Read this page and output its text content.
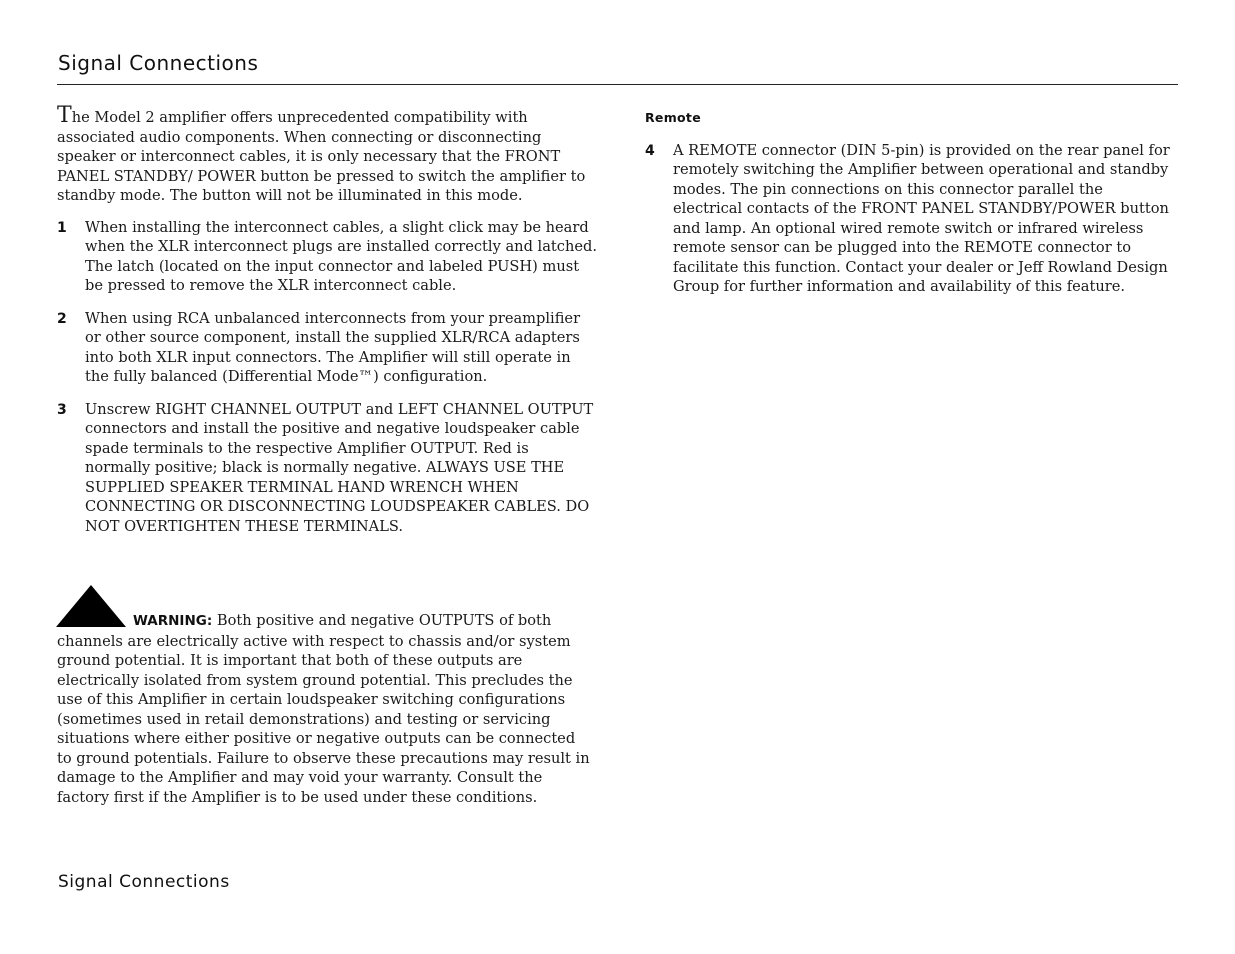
Signal Connections

The Model 2 amplifier offers unprecedented compatibility with associated audio components. When connecting or disconnecting speaker or interconnect cables, it is only necessary that the FRONT PANEL STANDBY/ POWER button be pressed to switch the amplifier to standby mode. The button will not be illuminated in this mode.

1	When installing the interconnect cables, a slight click may be heard when the XLR interconnect plugs are installed correctly and latched. The latch (located on the input connector and labeled PUSH) must be pressed to remove the XLR interconnect cable.
2	When using RCA unbalanced interconnects from your preamplifier or other source component, install the supplied XLR/RCA adapters into both XLR input connectors. The Amplifier will still operate in the fully balanced (Differential Mode™) configuration.
3	Unscrew RIGHT CHANNEL OUTPUT and LEFT CHANNEL OUTPUT connectors and install the positive and negative loudspeaker cable spade terminals to the respective Amplifier OUTPUT. Red is normally positive; black is normally negative. ALWAYS USE THE SUPPLIED SPEAKER TERMINAL HAND WRENCH WHEN CONNECTING OR DISCONNECTING LOUDSPEAKER CABLES. DO NOT OVERTIGHTEN THESE TERMINALS.
WARNING: Both positive and negative OUTPUTS of both channels are electrically active with respect to chassis and/or system ground potential. It is important that both of these outputs are electrically isolated from system ground potential. This precludes the use of this Amplifier in certain loudspeaker switching configurations (sometimes used in retail demonstrations) and testing or servicing situations where either positive or negative outputs can be connected to ground potentials. Failure to observe these precautions may result in damage to the Amplifier and may void your warranty. Consult the factory first if the Amplifier is to be used under these conditions.
Remote
4	A REMOTE connector (DIN 5-pin) is provided on the rear panel for remotely switching the Amplifier between operational and standby modes. The pin connections on this connector parallel the electrical contacts of the FRONT PANEL STANDBY/POWER button and lamp. An optional wired remote switch or infrared wireless remote sensor can be plugged into the REMOTE connector to facilitate this function. Contact your dealer or Jeff Rowland Design Group for further information and availability of this feature.
Signal Connections
